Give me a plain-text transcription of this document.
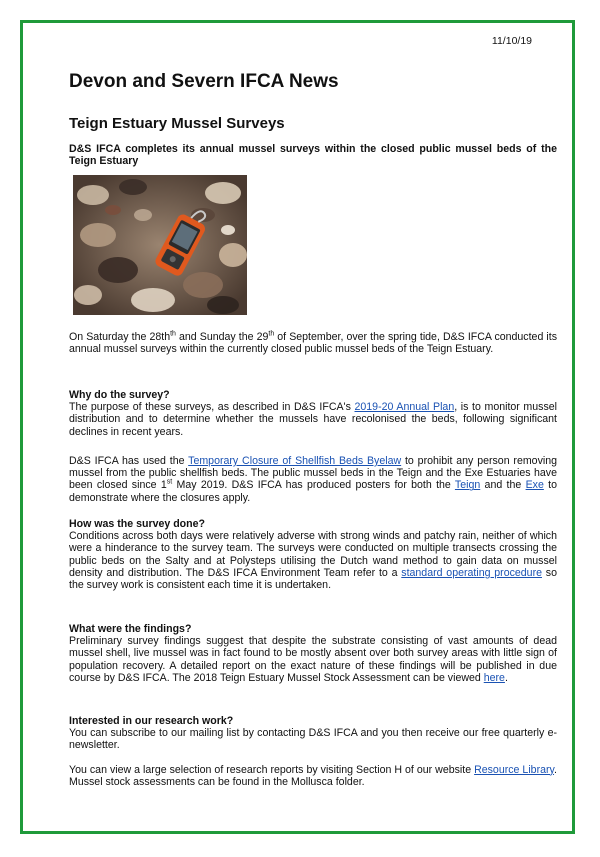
11/10/19
Devon and Severn IFCA News
Teign Estuary Mussel Surveys

D&S IFCA completes its annual mussel surveys within the closed public mussel beds of the Teign Estuary

On Saturday the $28th^{th}$ and Sunday the 29th of September, over the spring tide, D&S IFCA conducted its annual mussel surveys within the currently closed public mussel beds of the Teign Estuary.

Why do the survey?

The purpose of these surveys, as described in D&S IFCA's 2019-20 Annual Plan, is to monitor mussel distribution and to determine whether the mussels have recolonised the beds, following significant declines in recent years.

D&S IFCA has used the Temporary Closure of Shellfish Beds Byelaw to prohibit any person removing mussel from the public shellfish beds. The public mussel beds in the Teign and the Exe Estuaries have been closed since 1st May 2019. D&S IFCA has produced posters for both the Teign and the Exe to demonstrate where the closures apply.

How was the survey done?

Conditions across both days were relatively adverse with strong winds and patchy rain, neither of which were a hinderance to the survey team. The surveys were conducted on multiple transects crossing the public beds on the Salty and at Polysteps utilising the Dutch wand method to gain data on mussel density and distribution. The D&S IFCA Environment Team refer to a standard operating procedure so the survey work is consistent each time it is undertaken.

What were the findings?

Preliminary survey findings suggest that despite the substrate consisting of vast amounts of dead mussel shell, live mussel was in fact found to be mostly absent over both survey areas with little sign of population recovery. A detailed report on the exact nature of these findings will be published in due course by D&S IFCA. The 2018 Teign Estuary Mussel Stock Assessment can be viewed here.

Interested in our research work?

You can subscribe to our mailing list by contacting D&S IFCA and you then receive our free quarterly e-newsletter.

You can view a large selection of research reports by visiting Section H of our website Resource Library. Mussel stock assessments can be found in the Mollusca folder.
